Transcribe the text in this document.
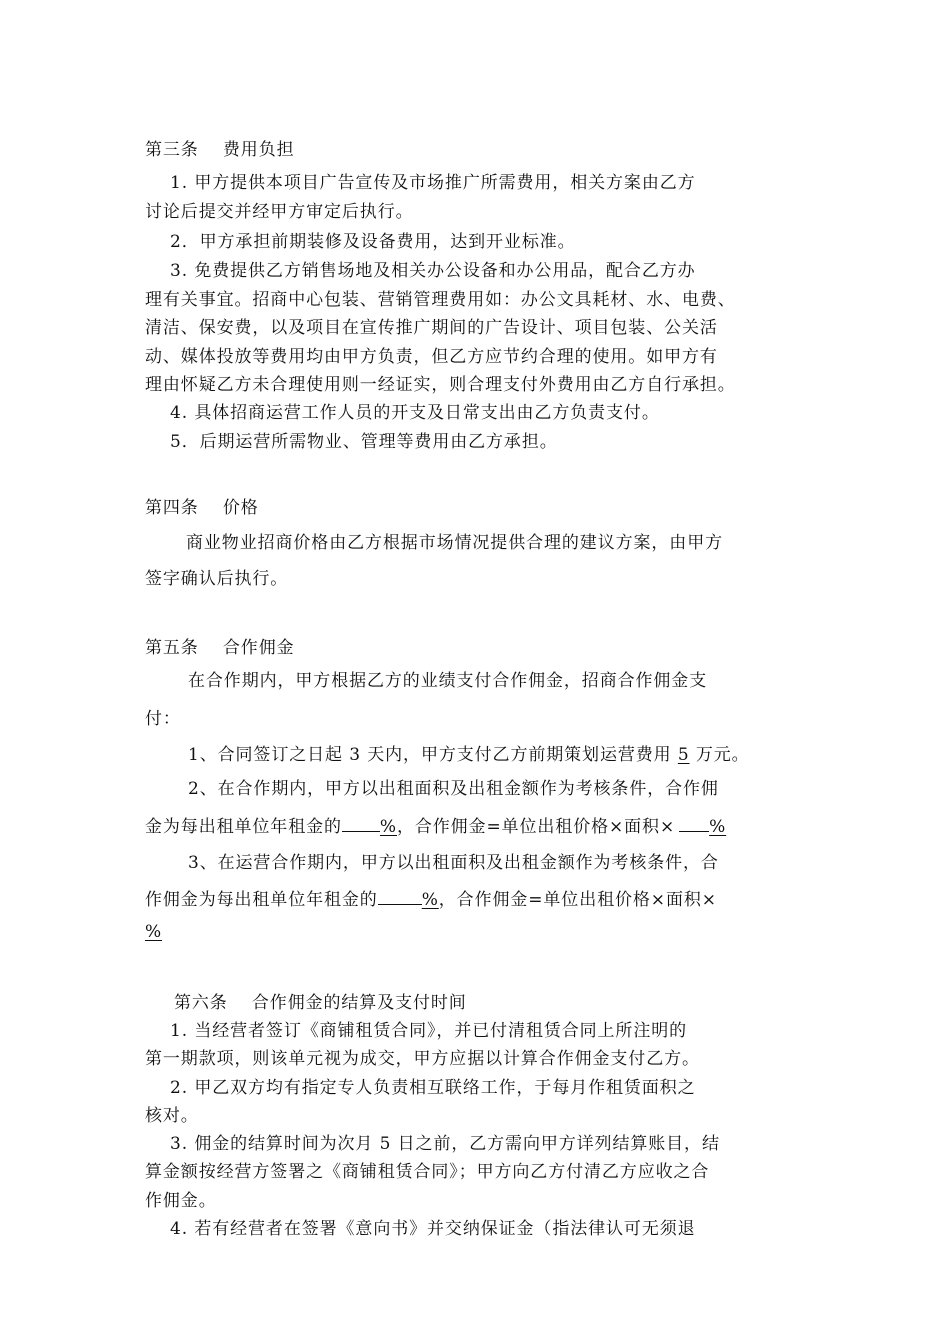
第三条　 费用负担
1. 甲方提供本项目广告宣传及市场推广所需费用，相关方案由乙方
讨论后提交并经甲方审定后执行。
2．甲方承担前期装修及设备费用，达到开业标准。
3. 免费提供乙方销售场地及相关办公设备和办公用品，配合乙方办
理有关事宜。招商中心包装、营销管理费用如：办公文具耗材、水、电费、
清洁、保安费，以及项目在宣传推广期间的广告设计、项目包装、公关活
动、媒体投放等费用均由甲方负责，但乙方应节约合理的使用。如甲方有
理由怀疑乙方未合理使用则一经证实，则合理支付外费用由乙方自行承担。
4. 具体招商运营工作人员的开支及日常支出由乙方负责支付。
5．后期运营所需物业、管理等费用由乙方承担。
第四条　 价格
商业物业招商价格由乙方根据市场情况提供合理的建议方案，由甲方
签字确认后执行。
第五条　 合作佣金
在合作期内，甲方根据乙方的业绩支付合作佣金，招商合作佣金支
付：
1、合同签订之日起 3 天内，甲方支付乙方前期策划运营费用 5 万元。
2、在合作期内，甲方以出租面积及出租金额作为考核条件，合作佣
金为每出租单位年租金的 %，合作佣金=单位出租价格×面积× %
3、在运营合作期内，甲方以出租面积及出租金额作为考核条件，合
作佣金为每出租单位年租金的	%，合作佣金=单位出租价格×面积×
%
第六条　 合作佣金的结算及支付时间
1. 当经营者签订《商铺租赁合同》，并已付清租赁合同上所注明的
第一期款项，则该单元视为成交，甲方应据以计算合作佣金支付乙方。
2. 甲乙双方均有指定专人负责相互联络工作，于每月作租赁面积之
核对。
3. 佣金的结算时间为次月 5 日之前，乙方需向甲方详列结算账目，结
算金额按经营方签署之《商铺租赁合同》；甲方向乙方付清乙方应收之合
作佣金。
4. 若有经营者在签署《意向书》并交纳保证金（指法律认可无须退
